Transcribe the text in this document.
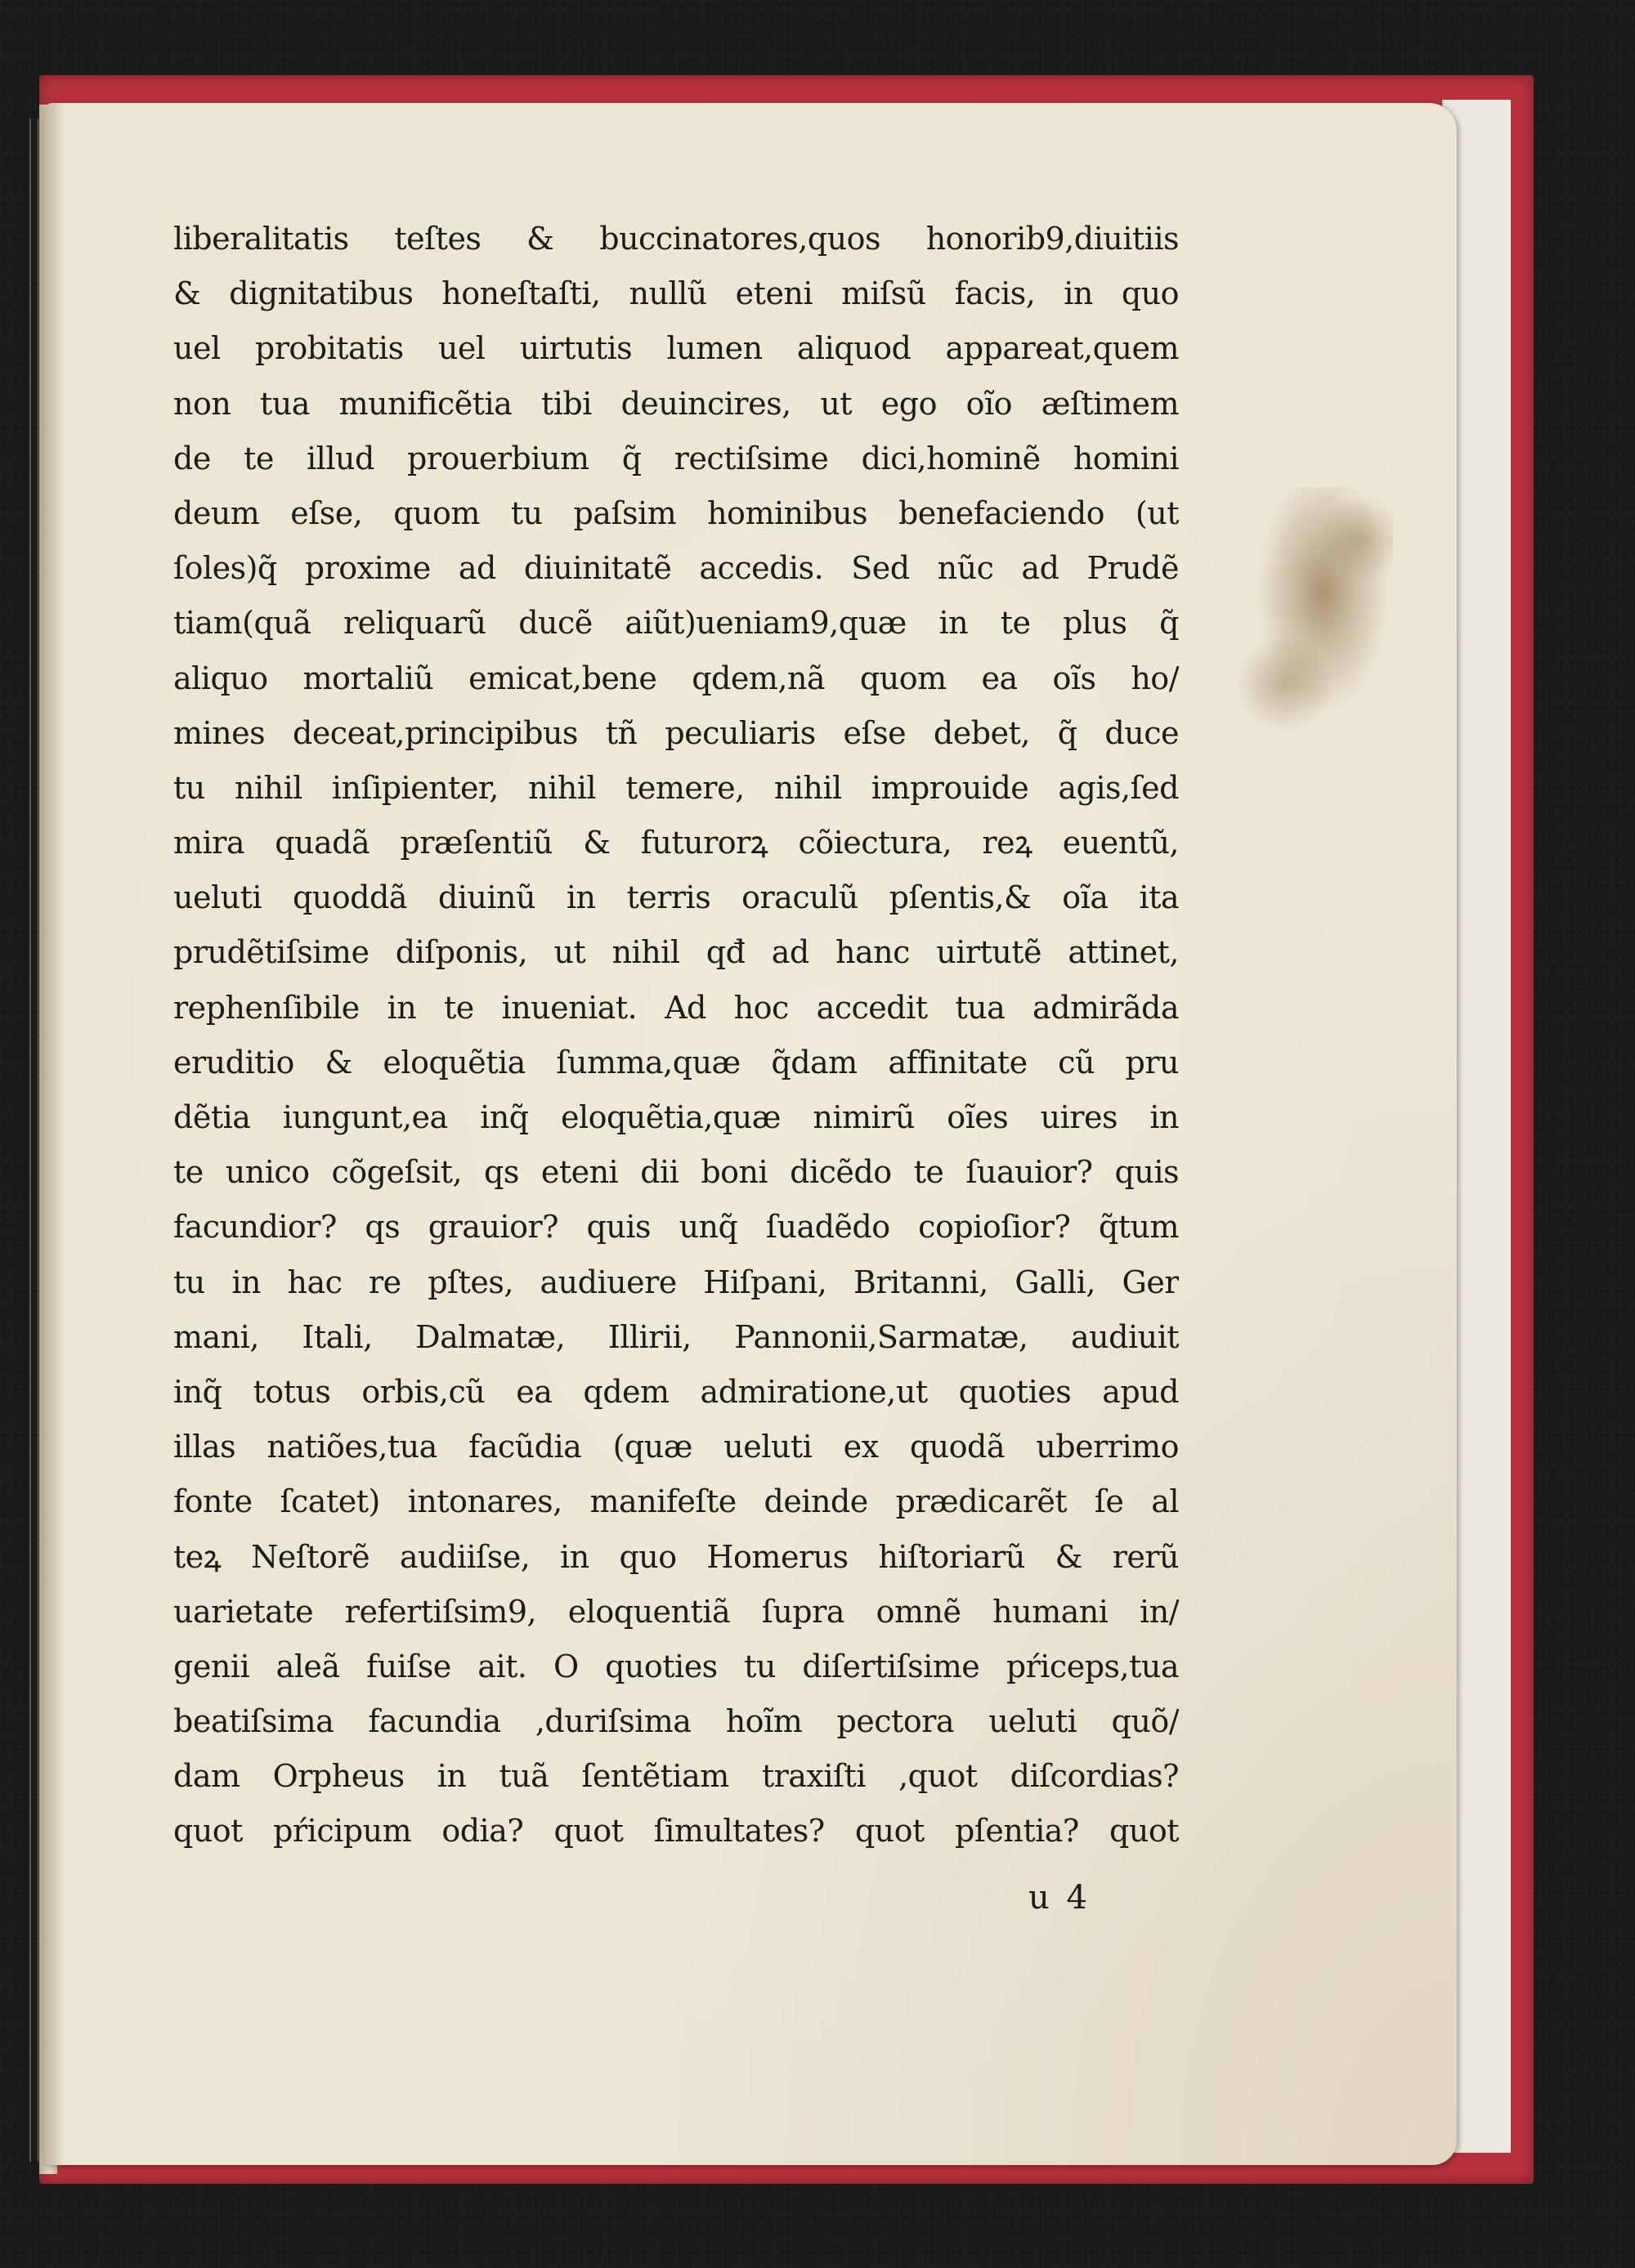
liberalitatis teſtes & buccinatores,quos honorib9,diuitiis
& dignitatibus honeſtaſti, nullũ eteni miſsũ facis, in quo
uel probitatis uel uirtutis lumen aliquod appareat,quem
non tua munificẽtia tibi deuincires, ut ego oĩo æſtimem
de te illud prouerbium q̃ rectiſsime dici,hominẽ homini
deum eſse, quom tu paſsim hominibus benefaciendo (ut
ſoles)q̃ proxime ad diuinitatẽ accedis. Sed nũc ad Prudẽ
tiam(quã reliquarũ ducẽ aiũt)ueniam9,quæ in te plus q̃
aliquo mortaliũ emicat,bene qdem,nã quom ea oĩs ho/
mines deceat,principibus tñ peculiaris eſse debet, q̃ duce
tu nihil inſipienter, nihil temere, nihil improuide agis,ſed
mira quadã præſentiũ & futurorꝝ cõiectura, reꝝ euentũ,
ueluti quoddã diuinũ in terris oraculũ pſentis,& oĩa ita
prudẽtiſsime diſponis, ut nihil qđ ad hanc uirtutẽ attinet,
rephenſibile in te inueniat. Ad hoc accedit tua admirãda
eruditio & eloquẽtia ſumma,quæ q̃dam affinitate cũ pru
dẽtia iungunt,ea inq̃ eloquẽtia,quæ nimirũ oĩes uires in
te unico cõgeſsit, qs eteni dii boni dicẽdo te ſuauior? quis
facundior? qs grauior? quis unq̃ ſuadẽdo copioſior? q̃tum
tu in hac re pſtes, audiuere Hiſpani, Britanni, Galli, Ger
mani, Itali, Dalmatæ, Illirii, Pannonii,Sarmatæ, audiuit
inq̃ totus orbis,cũ ea qdem admiratione,ut quoties apud
illas natiões,tua facũdia (quæ ueluti ex quodã uberrimo
fonte ſcatet) intonares, manifeſte deinde prædicarẽt ſe al
teꝝ Neſtorẽ audiiſse, in quo Homerus hiſtoriarũ & rerũ
uarietate refertiſsim9, eloquentiã ſupra omnẽ humani in/
genii aleã fuiſse ait. O quoties tu diſertiſsime pŕiceps,tua
beatiſsima facundia ,duriſsima hoĩm pectora ueluti quõ/
dam Orpheus in tuã ſentẽtiam traxiſti ,quot diſcordias?
quot pŕicipum odia? quot ſimultates? quot pſentia? quot
u 4
